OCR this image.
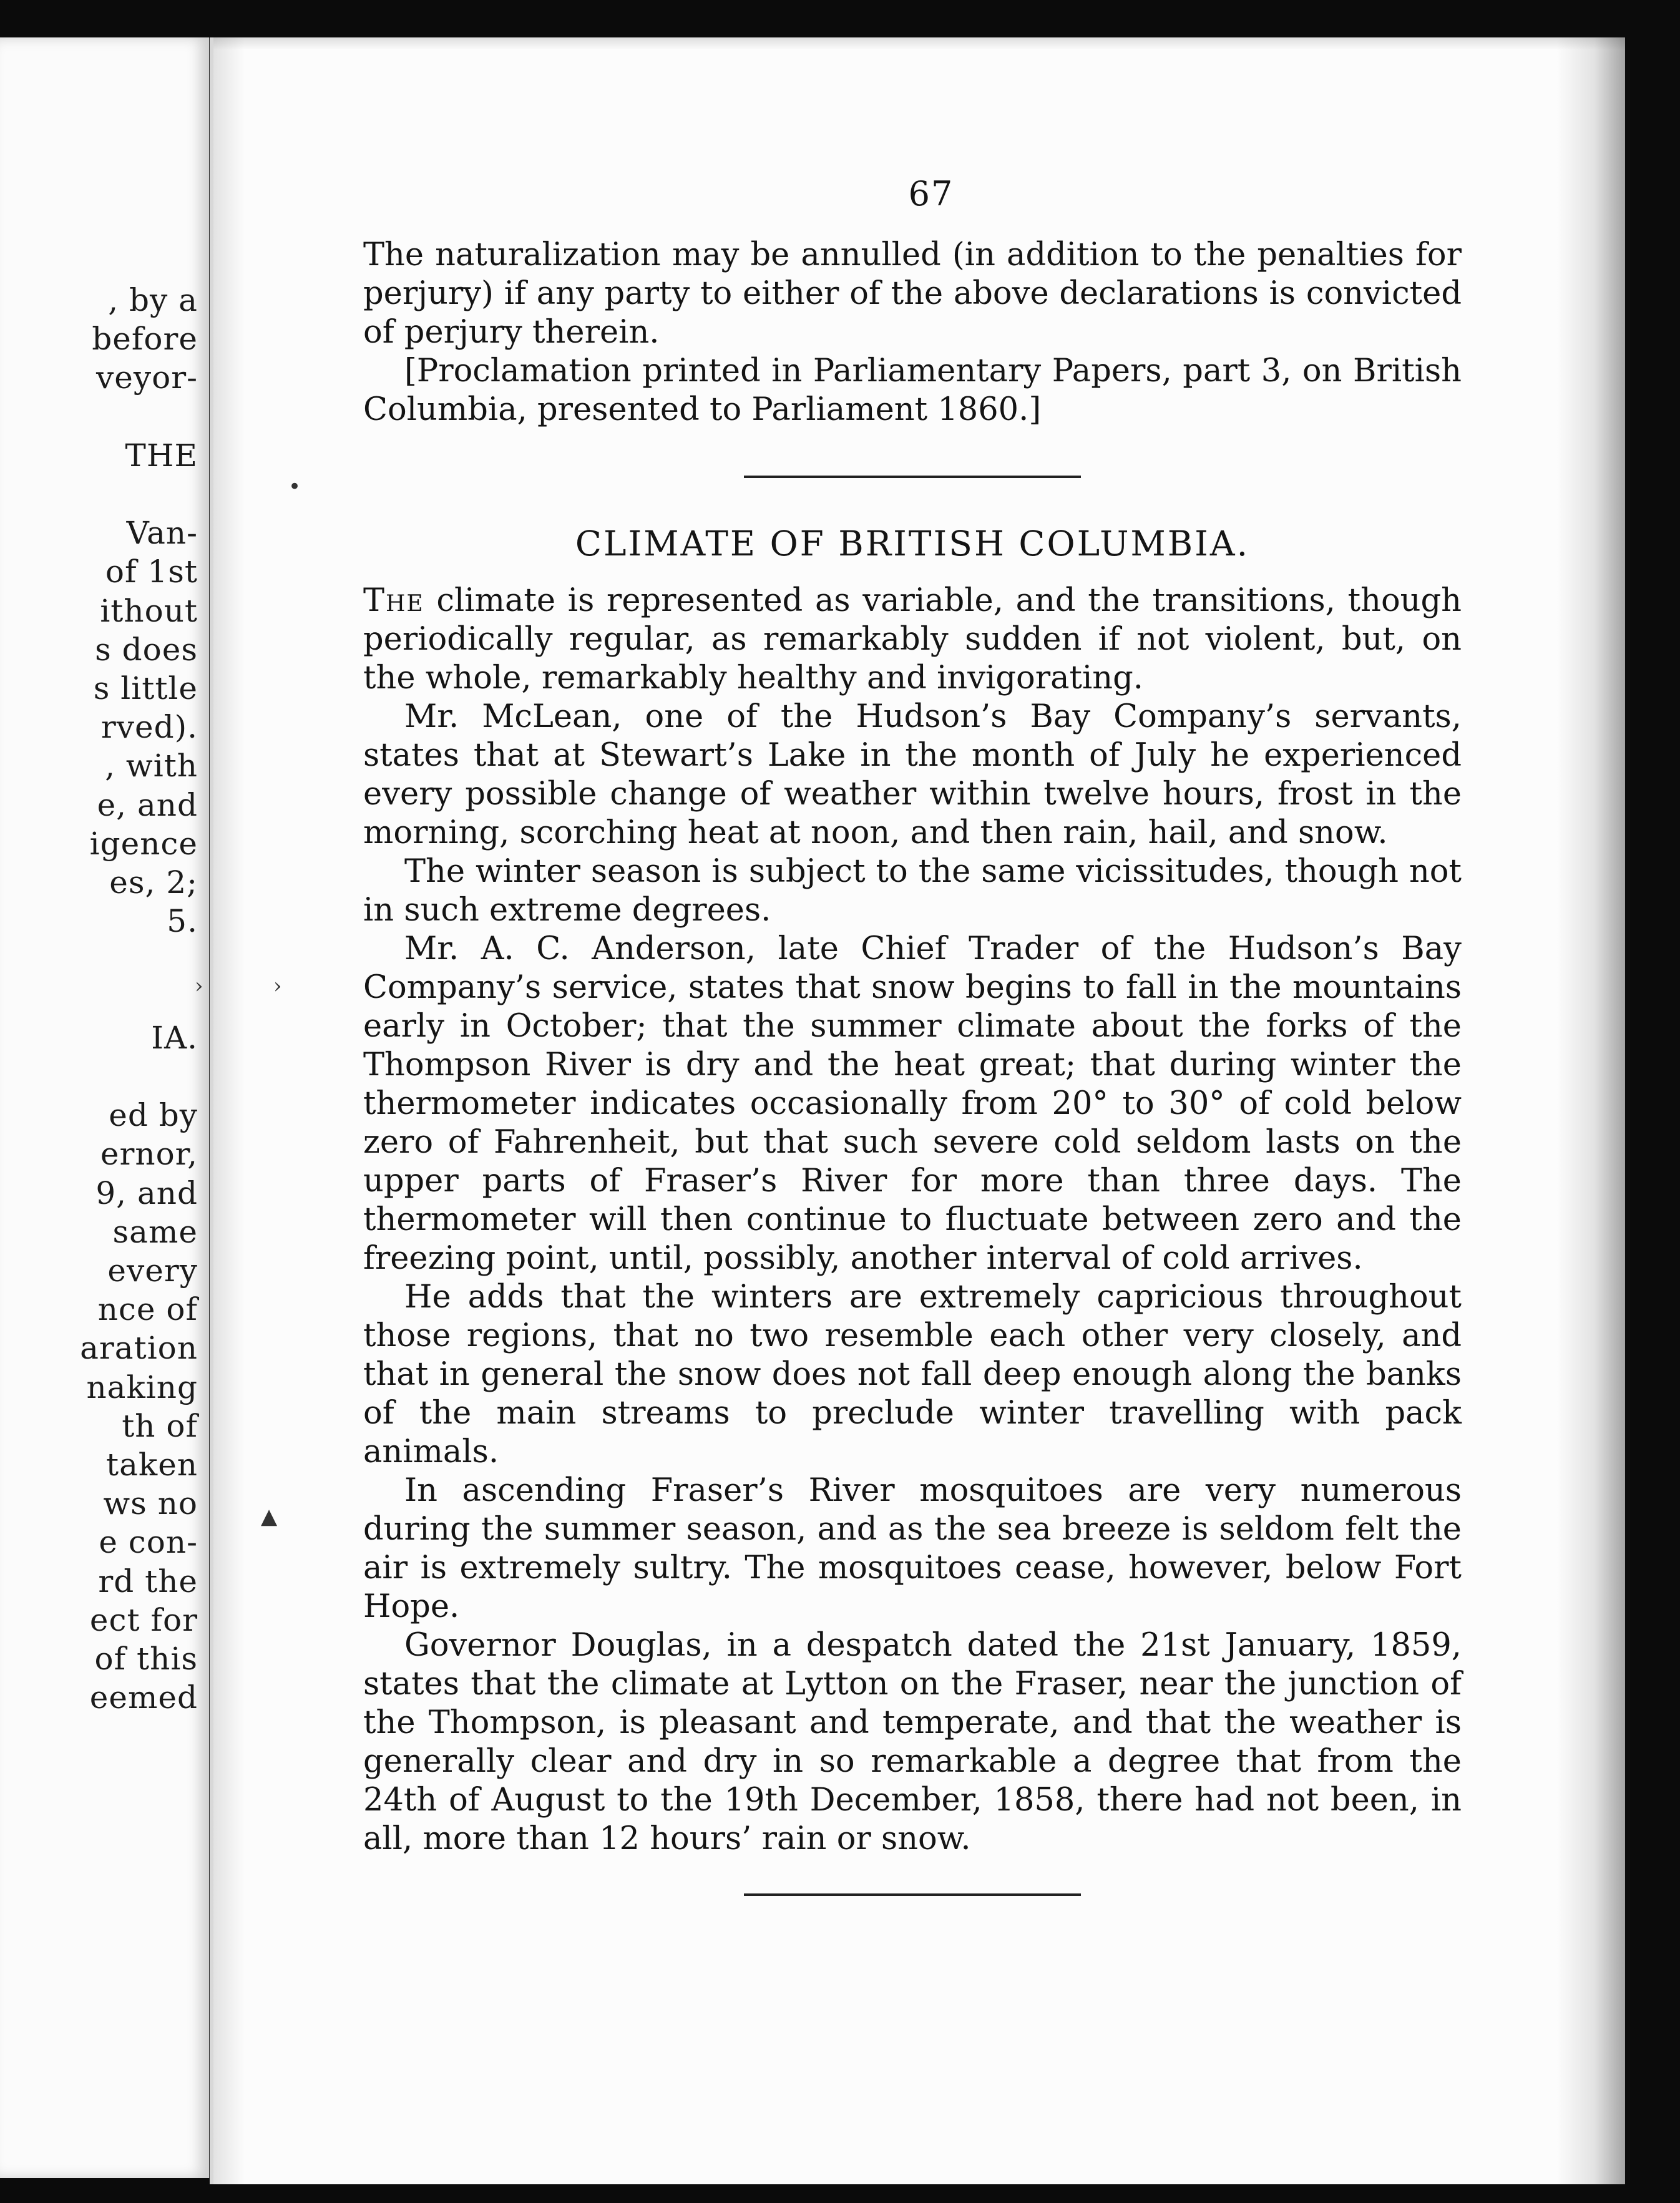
, by a
before
veyor-
THE
Van-
of 1st
ithout
s does
s little
rved).
, with
e, and
igence
es, 2;
5.
IA.
ed by
ernor,
9, and
same
every
nce of
aration
naking
th of
taken
ws no
e con-
rd the
ect for
of this
eemed
•
›	›
▲
67

The naturalization may be annulled (in addition to the penalties for perjury) if any party to either of the above declarations is convicted of perjury therein.

[Proclamation printed in Parliamentary Papers, part 3, on British Columbia, presented to Parliament 1860.]

CLIMATE OF BRITISH COLUMBIA.

The climate is represented as variable, and the transitions, though periodically regular, as remarkably sudden if not violent, but, on the whole, remarkably healthy and invigorating.

Mr. McLean, one of the Hudson’s Bay Company’s servants, states that at Stewart’s Lake in the month of July he experienced every possible change of weather within twelve hours, frost in the morning, scorching heat at noon, and then rain, hail, and snow.

The winter season is subject to the same vicissitudes, though not in such extreme degrees.

Mr. A. C. Anderson, late Chief Trader of the Hudson’s Bay Company’s service, states that snow begins to fall in the mountains early in October; that the summer climate about the forks of the Thompson River is dry and the heat great; that during winter the thermometer indicates occasionally from 20° to 30° of cold below zero of Fahrenheit, but that such severe cold seldom lasts on the upper parts of Fraser’s River for more than three days. The thermometer will then continue to fluctuate between zero and the freezing point, until, possibly, another interval of cold arrives.

He adds that the winters are extremely capricious throughout those regions, that no two resemble each other very closely, and that in general the snow does not fall deep enough along the banks of the main streams to preclude winter travelling with pack animals.

In ascending Fraser’s River mosquitoes are very numerous during the summer season, and as the sea breeze is seldom felt the air is extremely sultry. The mosquitoes cease, however, below Fort Hope.

Governor Douglas, in a despatch dated the 21st January, 1859, states that the climate at Lytton on the Fraser, near the junction of the Thompson, is pleasant and temperate, and that the weather is generally clear and dry in so remarkable a degree that from the 24th of August to the 19th December, 1858, there had not been, in all, more than 12 hours’ rain or snow.
